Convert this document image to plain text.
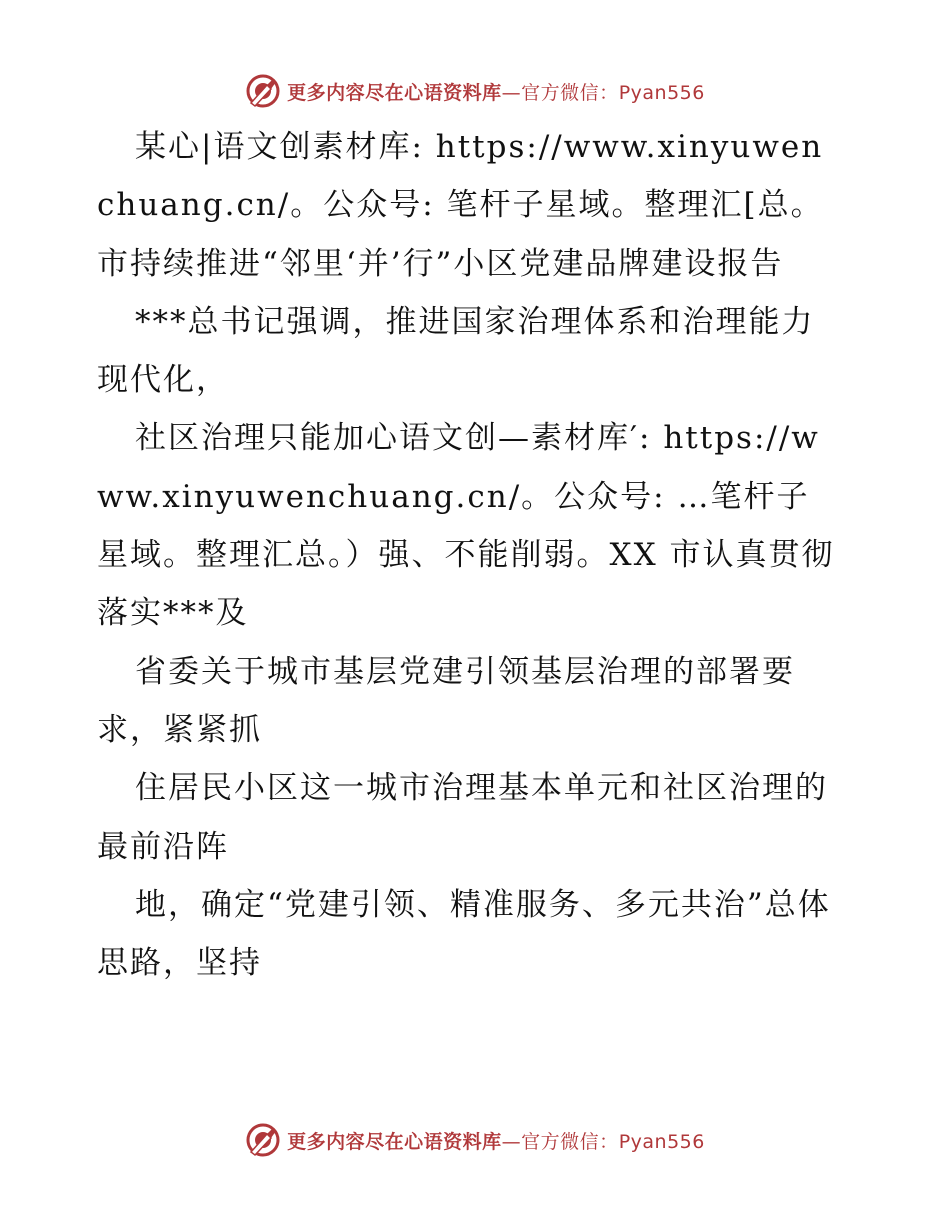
更多内容尽在心语资料库—官方微信：Pyan556

某心|语文创素材库: https://www.xinyuwenchuang.cn/。公众号: 笔杆子星域。整理汇[总。市持续推进“邻里‘并’行”小区党建品牌建设报告

***总书记强调，推进国家治理体系和治理能力现代化，

社区治理只能加心语文创—素材库′: https://www.xinyuwenchuang.cn/。公众号: …笔杆子星域。整理汇总。）强、不能削弱。XX 市认真贯彻落实***及

省委关于城市基层党建引领基层治理的部署要求，紧紧抓

住居民小区这一城市治理基本单元和社区治理的最前沿阵

地，确定“党建引领、精准服务、多元共治”总体思路，坚持

更多内容尽在心语资料库—官方微信：Pyan556
